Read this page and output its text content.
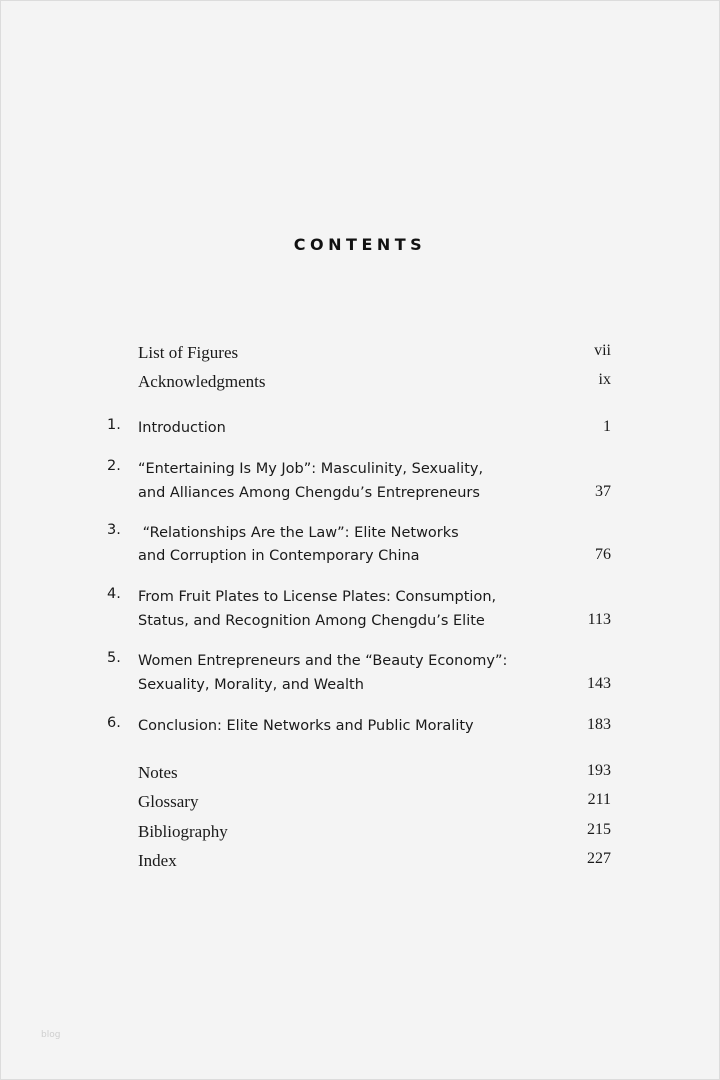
CONTENTS
List of Figures	vii
Acknowledgments	ix
1. Introduction	1
2. “Entertaining Is My Job”: Masculinity, Sexuality,
and Alliances Among Chengdu’s Entrepreneurs	37
3. “Relationships Are the Law”: Elite Networks
and Corruption in Contemporary China	76
4. From Fruit Plates to License Plates: Consumption,
Status, and Recognition Among Chengdu’s Elite	113
5. Women Entrepreneurs and the “Beauty Economy”:
Sexuality, Morality, and Wealth	143
6. Conclusion: Elite Networks and Public Morality	183
Notes	193
Glossary	211
Bibliography	215
Index	227
blog
